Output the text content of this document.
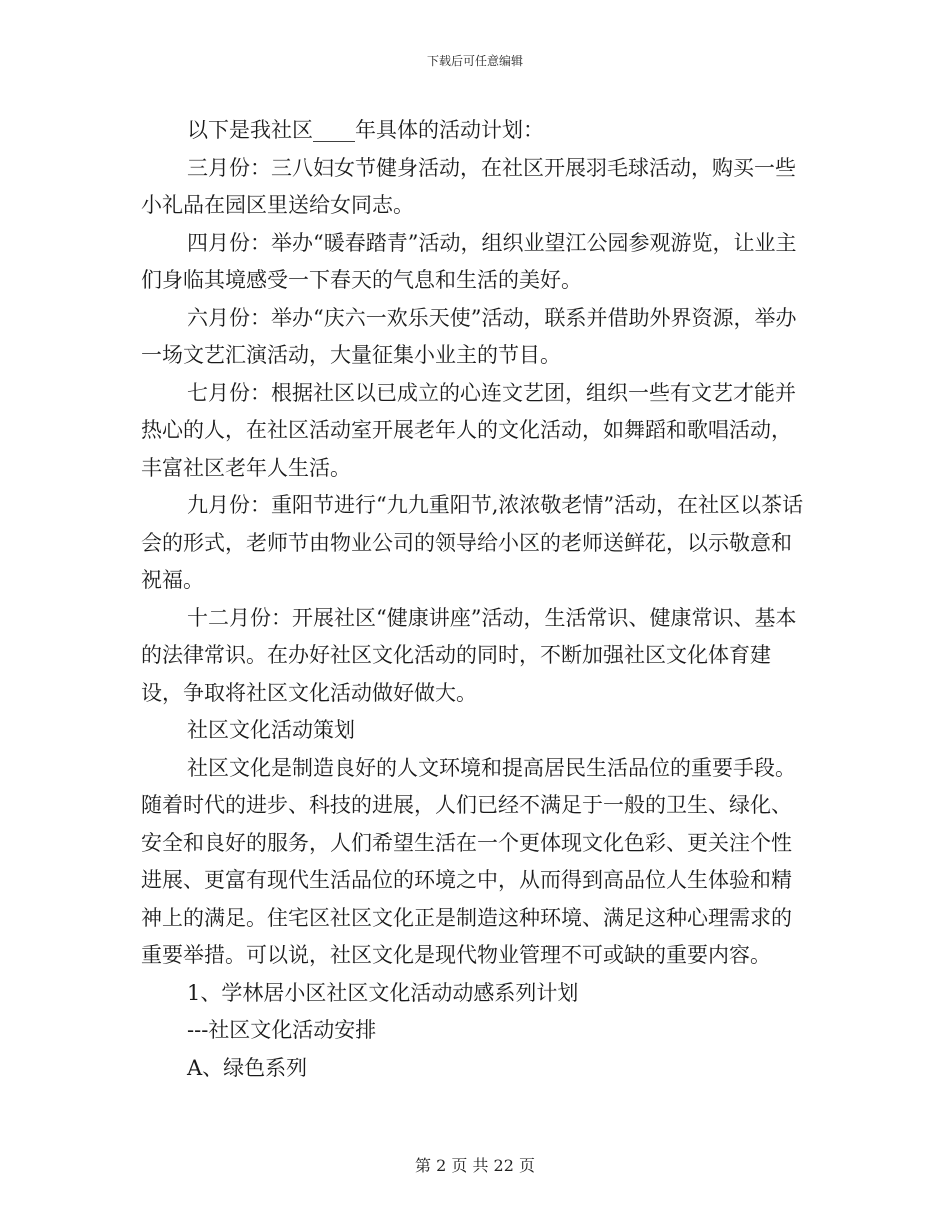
下载后可任意编辑

以下是我社区____年具体的活动计划：

三月份：三八妇女节健身活动，在社区开展羽毛球活动，购买一些小礼品在园区里送给女同志。

四月份：举办“暖春踏青”活动，组织业望江公园参观游览，让业主们身临其境感受一下春天的气息和生活的美好。

六月份：举办“庆六一欢乐天使”活动，联系并借助外界资源，举办一场文艺汇演活动，大量征集小业主的节目。

七月份：根据社区以已成立的心连文艺团，组织一些有文艺才能并热心的人，在社区活动室开展老年人的文化活动，如舞蹈和歌唱活动，丰富社区老年人生活。

九月份：重阳节进行“九九重阳节,浓浓敬老情”活动，在社区以茶话会的形式，老师节由物业公司的领导给小区的老师送鲜花，以示敬意和祝福。

十二月份：开展社区“健康讲座”活动，生活常识、健康常识、基本的法律常识。在办好社区文化活动的同时，不断加强社区文化体育建设，争取将社区文化活动做好做大。

社区文化活动策划

社区文化是制造良好的人文环境和提高居民生活品位的重要手段。随着时代的进步、科技的进展，人们已经不满足于一般的卫生、绿化、安全和良好的服务，人们希望生活在一个更体现文化色彩、更关注个性进展、更富有现代生活品位的环境之中，从而得到高品位人生体验和精神上的满足。住宅区社区文化正是制造这种环境、满足这种心理需求的重要举措。可以说，社区文化是现代物业管理不可或缺的重要内容。

1、学林居小区社区文化活动动感系列计划

---社区文化活动安排

A、绿色系列

第 2 页 共 22 页
